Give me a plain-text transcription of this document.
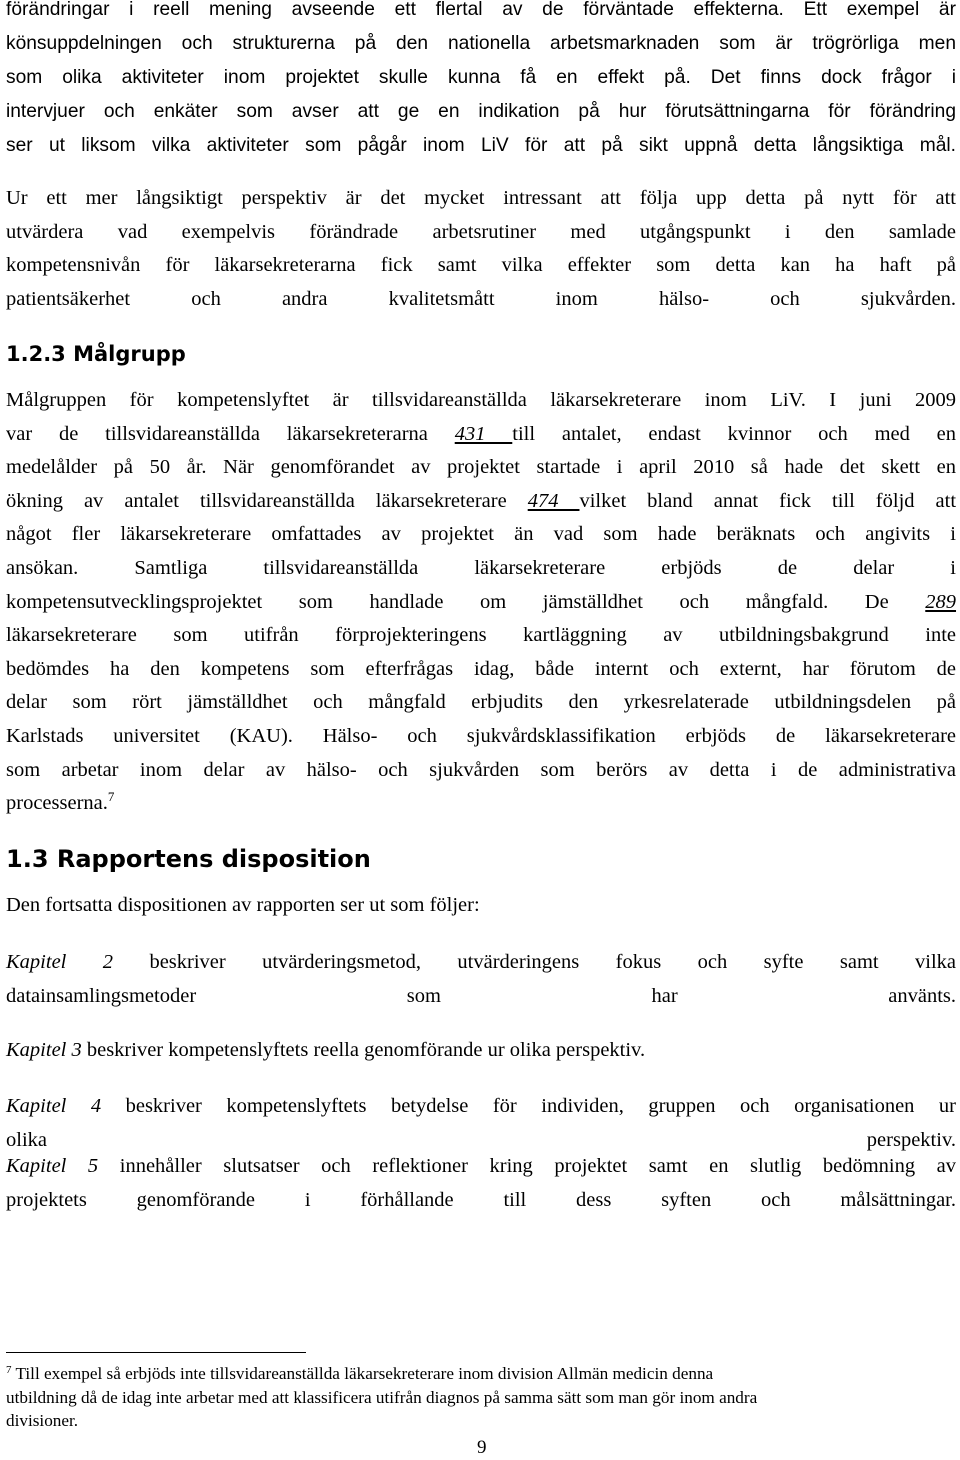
förändringar i reell mening avseende ett flertal av de förväntade effekterna. Ett exempel är
könsuppdelningen och strukturerna på den nationella arbetsmarknaden som är trögrörliga men
som olika aktiviteter inom projektet skulle kunna få en effekt på. Det finns dock frågor i
intervjuer och enkäter som avser att ge en indikation på hur förutsättningarna för förändring
ser ut liksom vilka aktiviteter som pågår inom LiV för att på sikt uppnå detta långsiktiga mål.
Ur ett mer långsiktigt perspektiv är det mycket intressant att följa upp detta på nytt för att
utvärdera vad exempelvis förändrade arbetsrutiner med utgångspunkt i den samlade
kompetensnivån för läkarsekreterarna fick samt vilka effekter som detta kan ha haft på
patientsäkerhet och andra kvalitetsmått inom hälso- och sjukvården.
1.2.3 Målgrupp
Målgruppen för kompetenslyftet är tillsvidareanställda läkarsekreterare inom LiV. I juni 2009
var de tillsvidareanställda läkarsekreterarna 431 till antalet, endast kvinnor och med en
medelålder på 50 år. När genomförandet av projektet startade i april 2010 så hade det skett en
ökning av antalet tillsvidareanställda läkarsekreterare 474 vilket bland annat fick till följd att
något fler läkarsekreterare omfattades av projektet än vad som hade beräknats och angivits i
ansökan. Samtliga tillsvidareanställda läkarsekreterare erbjöds de delar i
kompetensutvecklingsprojektet som handlade om jämställdhet och mångfald. De 289
läkarsekreterare som utifrån förprojekteringens kartläggning av utbildningsbakgrund inte
bedömdes ha den kompetens som efterfrågas idag, både internt och externt, har förutom de
delar som rört jämställdhet och mångfald erbjudits den yrkesrelaterade utbildningsdelen på
Karlstads universitet (KAU). Hälso- och sjukvårdsklassifikation erbjöds de läkarsekreterare
som arbetar inom delar av hälso- och sjukvården som berörs av detta i de administrativa
processerna.$^7$
1.3 Rapportens disposition
Den fortsatta dispositionen av rapporten ser ut som följer:
Kapitel 2 beskriver utvärderingsmetod, utvärderingens fokus och syfte samt vilka
datainsamlingsmetoder som har använts.
Kapitel 3 beskriver kompetenslyftets reella genomförande ur olika perspektiv.
Kapitel 4 beskriver kompetenslyftets betydelse för individen, gruppen och organisationen ur
olika perspektiv.
Kapitel 5 innehåller slutsatser och reflektioner kring projektet samt en slutlig bedömning av
projektets genomförande i förhållande till dess syften och målsättningar.
$^7$ Till exempel så erbjöds inte tillsvidareanställda läkarsekreterare inom division Allmän medicin denna
utbildning då de idag inte arbetar med att klassificera utifrån diagnos på samma sätt som man gör inom andra
divisioner.
9
